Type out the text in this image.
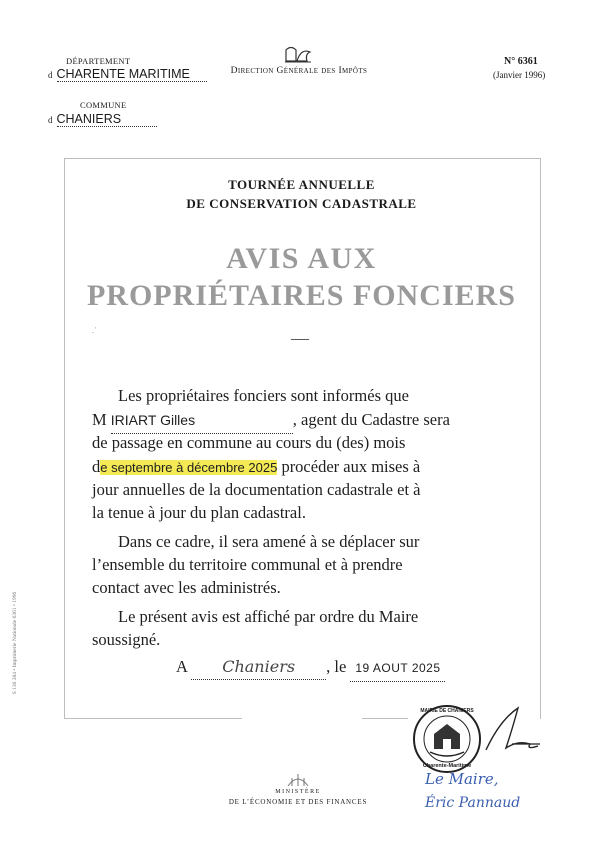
DÉPARTEMENT
d CHARENTE MARITIME
COMMUNE
d CHANIERS
Direction Générale des Impôts
N° 6361
(Janvier 1996)
S 136 384 • Imprimerie Nationale 6361 • 1996
TOURNÉE ANNUELLE
DE CONSERVATION CADASTRALE
AVIS AUX
PROPRIÉTAIRES FONCIERS
—
.ˈ
Les propriétaires fonciers sont informés que
M IRIART Gilles	, agent du Cadastre sera
de passage en commune au cours du (des) mois
de septembre à décembre 2025 procéder aux mises à
jour annuelles de la documentation cadastrale et à
la tenue à jour du plan cadastral.
Dans ce cadre, il sera amené à se déplacer sur
l’ensemble du territoire communal et à prendre
contact avec les administrés.
Le présent avis est affiché par ordre du Maire
soussigné.
A Chaniers , le 19 AOUT 2025
MAIRIE DE CHANIERS
Charente-Maritime
Le Maire,
Éric Pannaud
MINISTÈRE
DE L’ÉCONOMIE ET DES FINANCES
